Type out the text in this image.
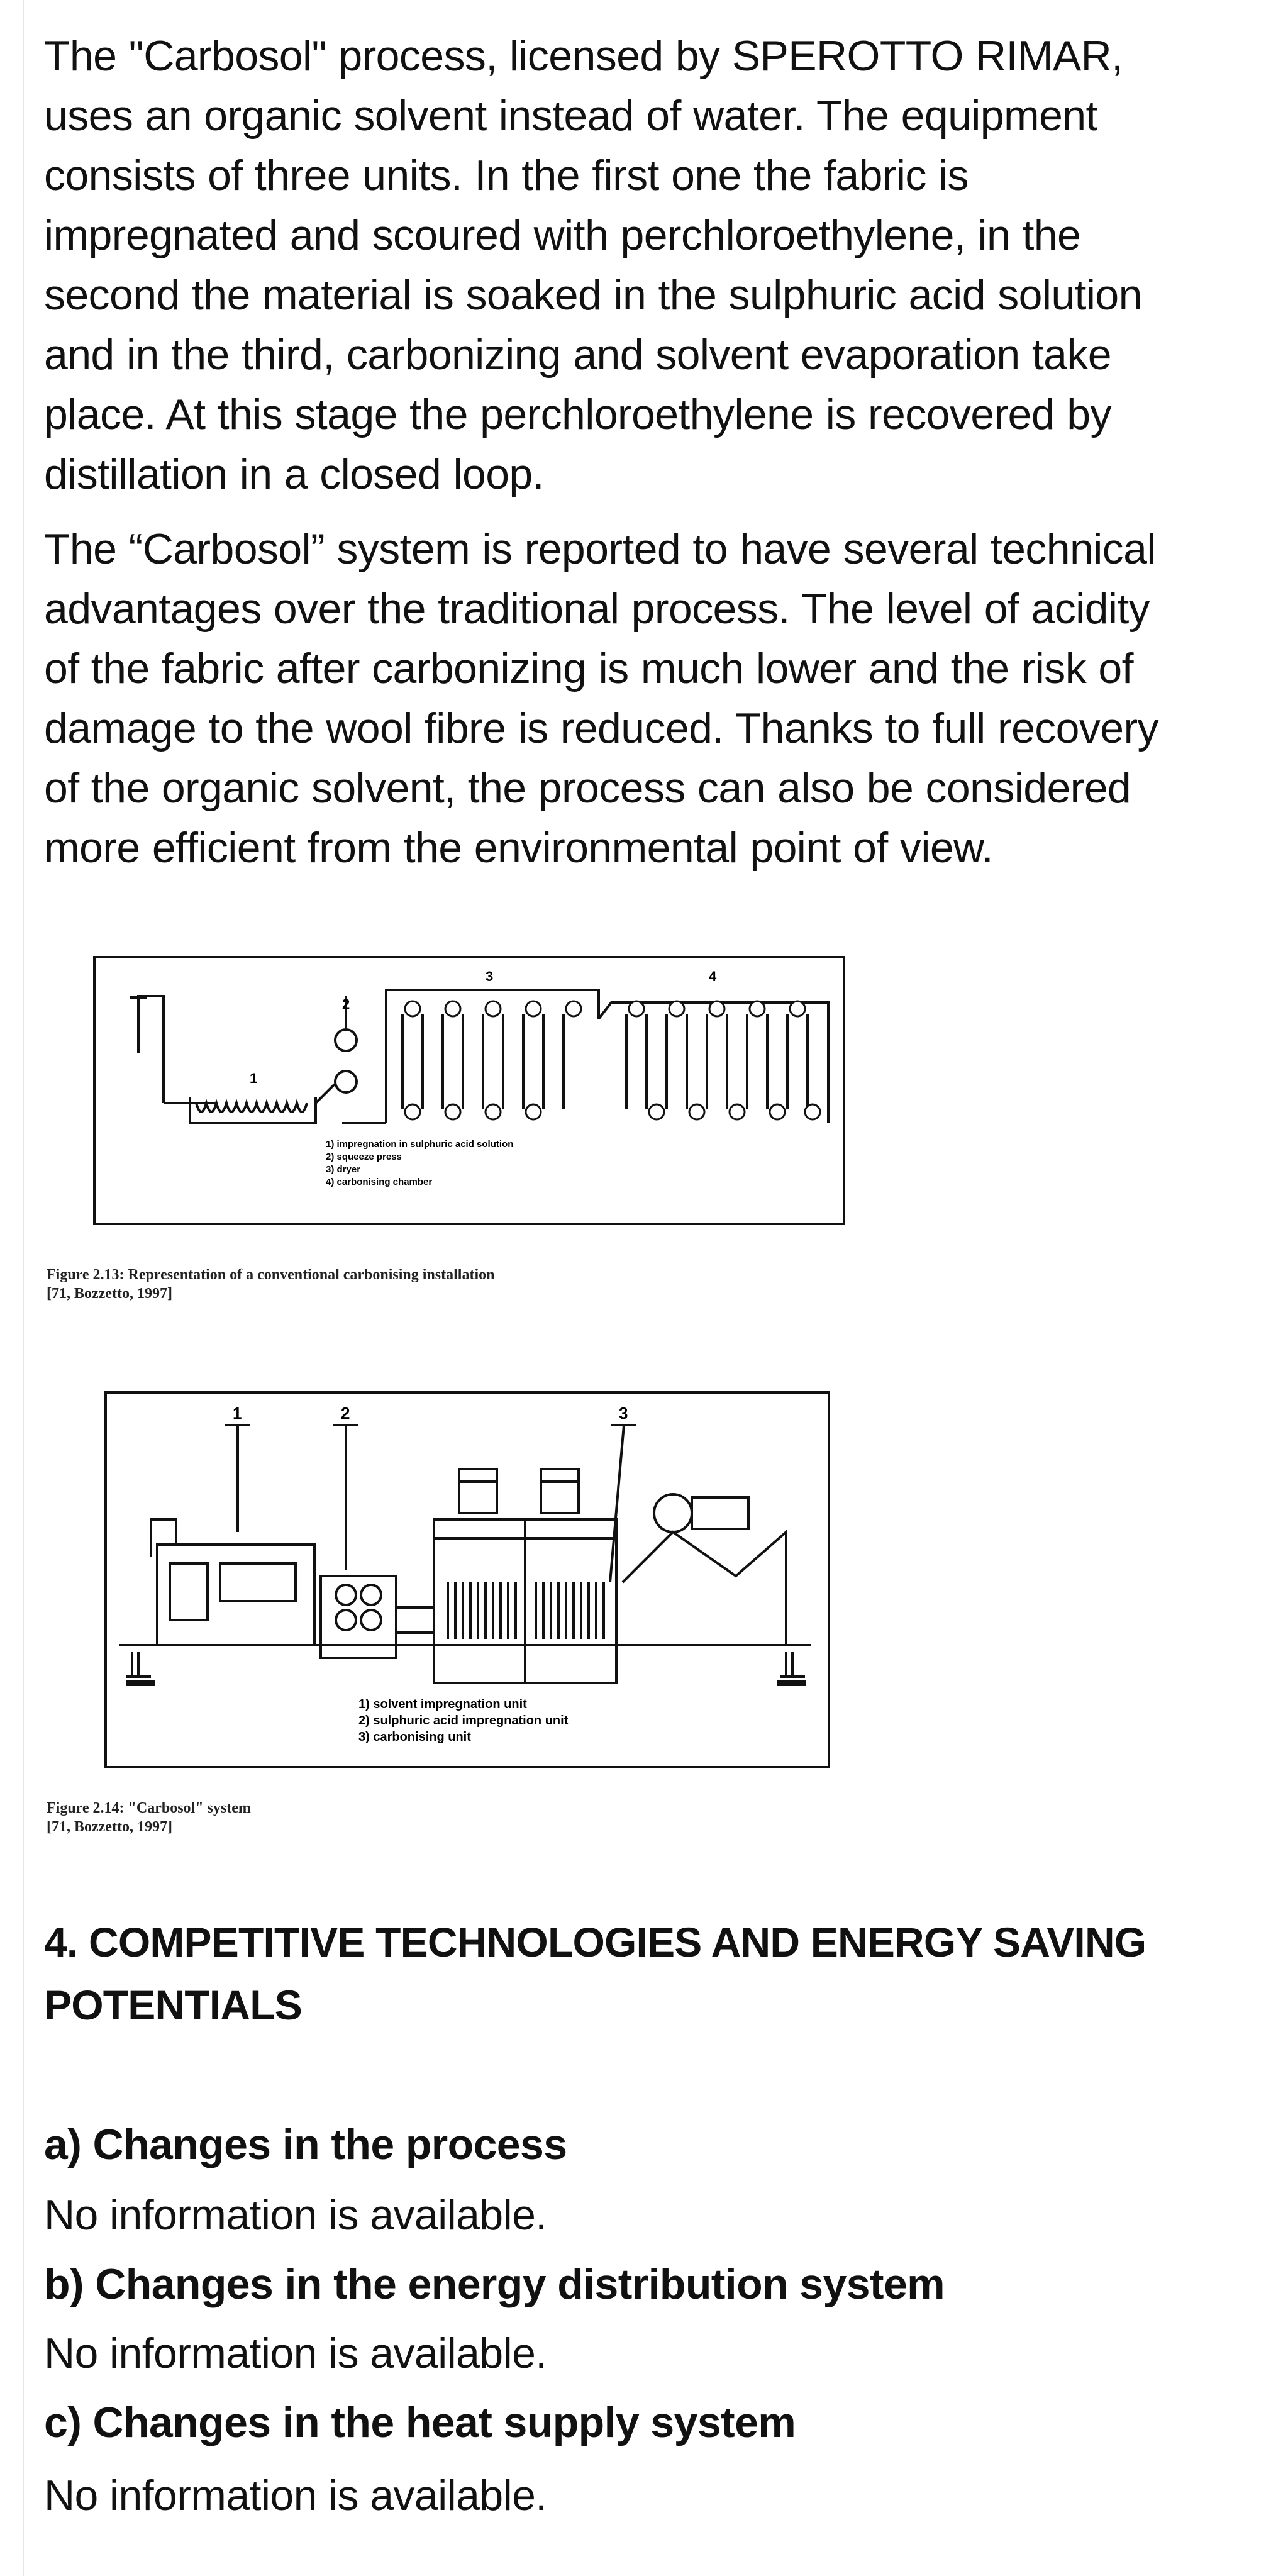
The "Carbosol" process, licensed by SPEROTTO RIMAR,
uses an organic solvent instead of water. The equipment
consists of three units. In the first one the fabric is
impregnated and scoured with perchloroethylene, in the
second the material is soaked in the sulphuric acid solution
and in the third, carbonizing and solvent evaporation take
place. At this stage the perchloroethylene is recovered by
distillation in a closed loop.

The “Carbosol” system is reported to have several technical
advantages over the traditional process. The level of acidity
of the fabric after carbonizing is much lower and the risk of
damage to the wool fibre is reduced. Thanks to full recovery
of the organic solvent, the process can also be considered
more efficient from the environmental point of view.

1
2
3	4
1) impregnation in sulphuric acid solution
2) squeeze press
3) dryer
4) carbonising chamber
Figure 2.13: Representation of a conventional carbonising installation
[71, Bozzetto, 1997]
1	2	3
1) solvent impregnation unit
2) sulphuric acid impregnation unit
3) carbonising unit
Figure 2.14: "Carbosol" system
[71, Bozzetto, 1997]
4. COMPETITIVE TECHNOLOGIES AND ENERGY SAVING
POTENTIALS
a) Changes in the process

No information is available.

b) Changes in the energy distribution system

No information is available.

c) Changes in the heat supply system

No information is available.
